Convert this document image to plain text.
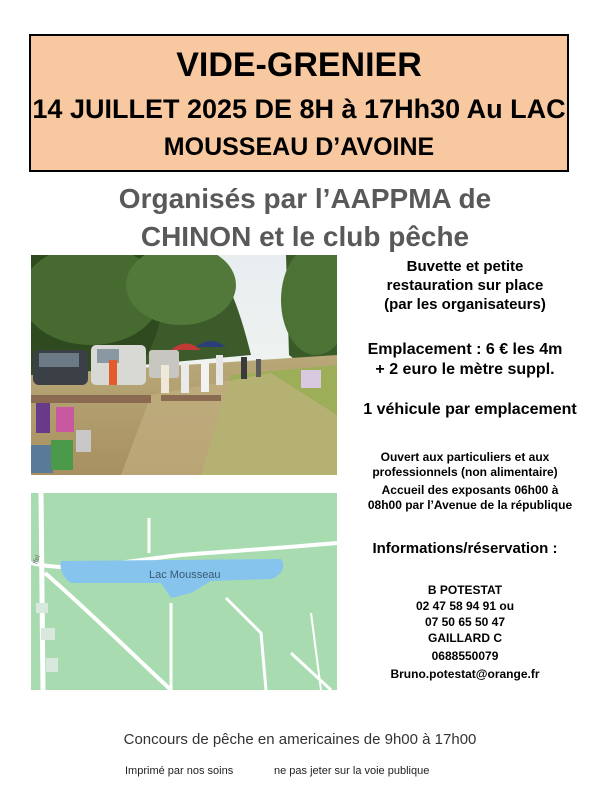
VIDE-GRENIER
14 JUILLET 2025 DE 8H à 17Hh30 Au LAC
MOUSSEAU D’AVOINE
Organisés par l’AAPPMA de
CHINON et le club pêche
Buvette et petite
restauration sur place
(par les organisateurs)
Emplacement : 6 € les 4m
+ 2 euro le mètre suppl.
1 véhicule par emplacement
Ouvert aux particuliers et aux
professionnels (non alimentaire)
Accueil des exposants 06h00 à
08h00 par l’Avenue de la république
Informations/réservation :
B POTESTAT
02 47 58 94 91 ou
07 50 65 50 47
GAILLARD C
0688550079
Bruno.potestat@orange.fr
Lac Mousseau
ffel
Concours de pêche en americaines de 9h00 à 17h00
Imprimé par nos soins	ne pas jeter sur la voie publique
